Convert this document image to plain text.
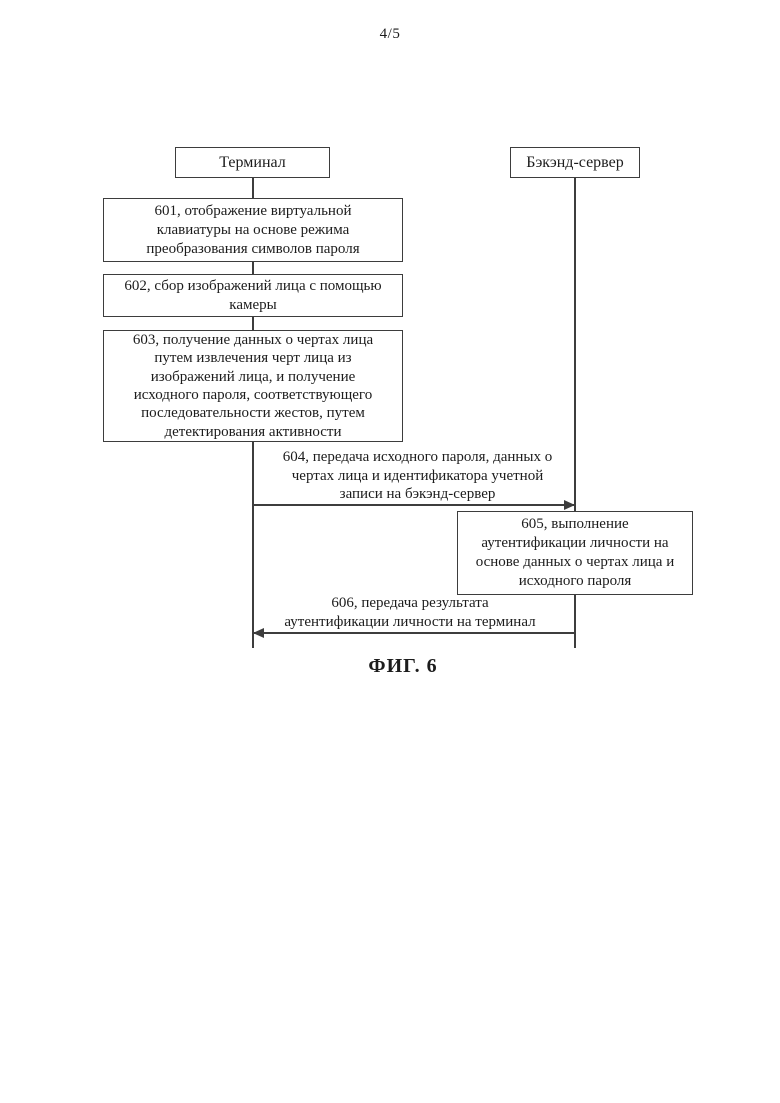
4/5
Терминал	Бэкэнд-сервер
601, отображение виртуальной
клавиатуры на основе режима
преобразования символов пароля
602, сбор изображений лица с помощью
камеры
603, получение данных о чертах лица
путем извлечения черт лица из
изображений лица, и получение
исходного пароля, соответствующего
последовательности жестов, путем
детектирования активности
604, передача исходного пароля, данных о
чертах лица и идентификатора учетной
записи на бэкэнд-сервер
605, выполнение
аутентификации личности на
основе данных о чертах лица и
исходного пароля
606, передача результата
аутентификации личности на терминал
ФИГ. 6
